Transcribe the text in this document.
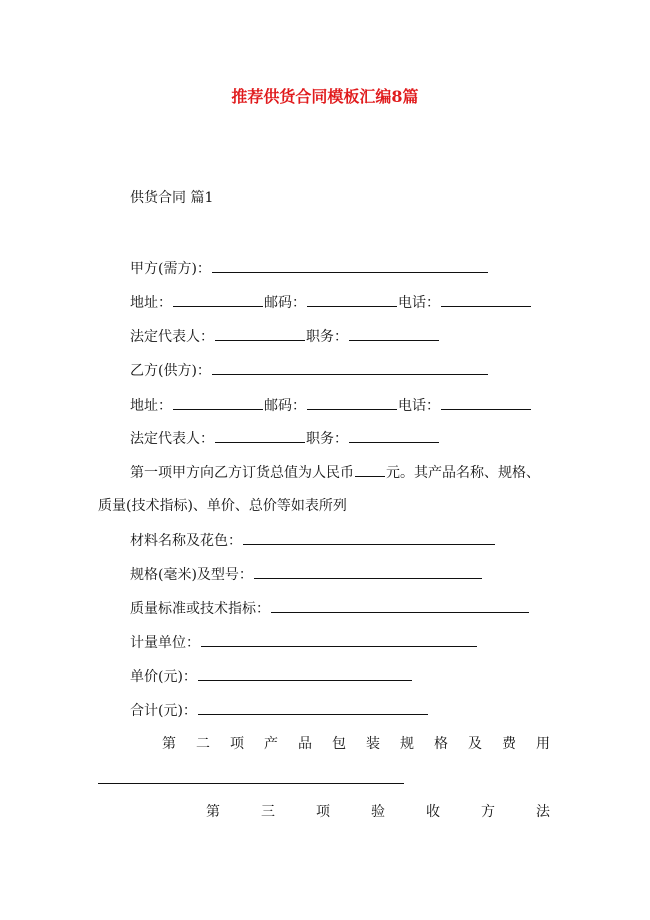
推荐供货合同模板汇编8篇
供货合同 篇1
甲方(需方)：
地址：	邮码：	电话：
法定代表人：	职务：
乙方(供方)：
地址：	邮码：	电话：
法定代表人：	职务：
第一项甲方向乙方订货总值为人民币 元。其产品名称、规格、
质量(技术指标)、单价、总价等如表所列
材料名称及花色：
规格(毫米)及型号：
质量标准或技术指标：
计量单位：
单价(元)：
合计(元)：
第 二 项 产 品 包 装 规 格 及 费 用
第	三	项	验	收	方	法
